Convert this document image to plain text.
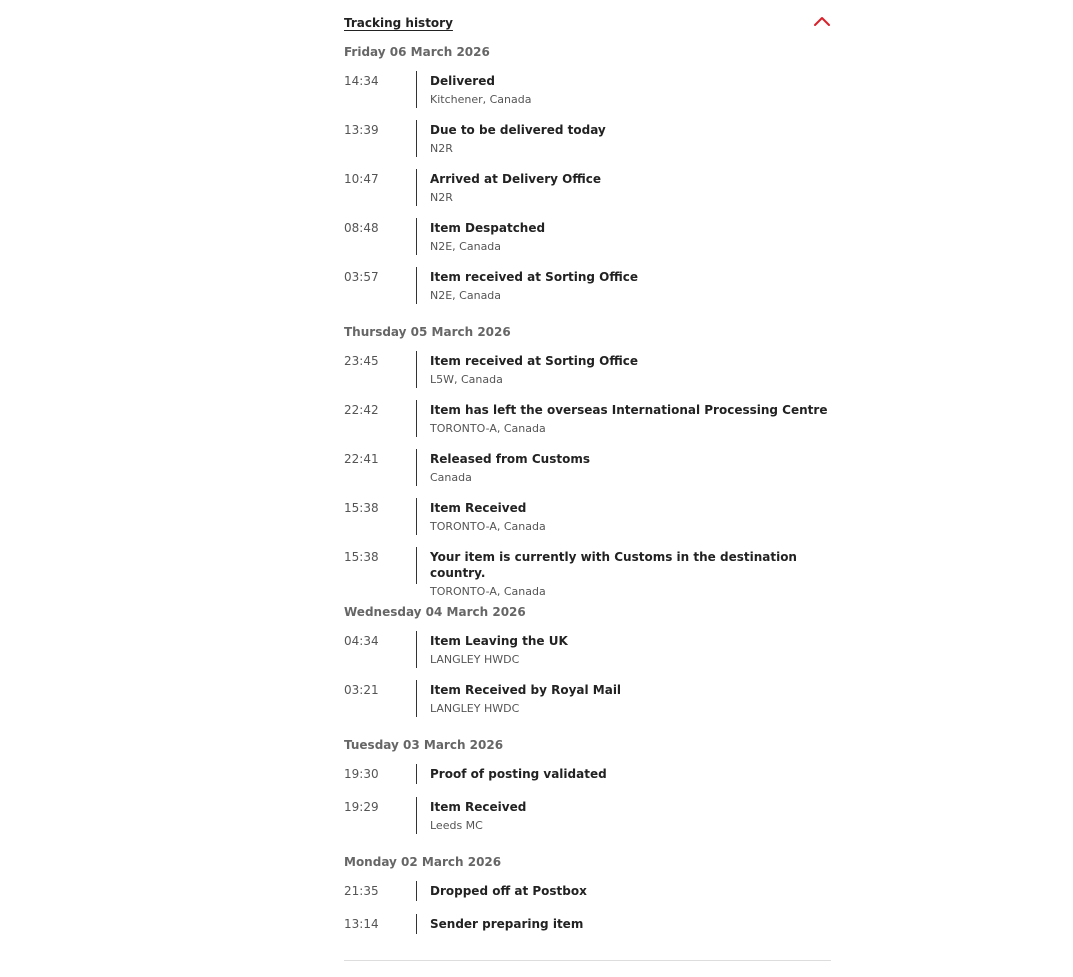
Tracking history
Friday 06 March 2026
14:34	Delivered
Kitchener, Canada
13:39	Due to be delivered today
N2R
10:47	Arrived at Delivery Office
N2R
08:48	Item Despatched
N2E, Canada
03:57	Item received at Sorting Office
N2E, Canada
Thursday 05 March 2026
23:45	Item received at Sorting Office
L5W, Canada
22:42	Item has left the overseas International Processing Centre
TORONTO-A, Canada
22:41	Released from Customs
Canada
15:38	Item Received
TORONTO-A, Canada
15:38	Your item is currently with Customs in the destination country.
TORONTO-A, Canada
Wednesday 04 March 2026
04:34	Item Leaving the UK
LANGLEY HWDC
03:21	Item Received by Royal Mail
LANGLEY HWDC
Tuesday 03 March 2026
19:30	Proof of posting validated
19:29	Item Received
Leeds MC
Monday 02 March 2026
21:35	Dropped off at Postbox
13:14	Sender preparing item
